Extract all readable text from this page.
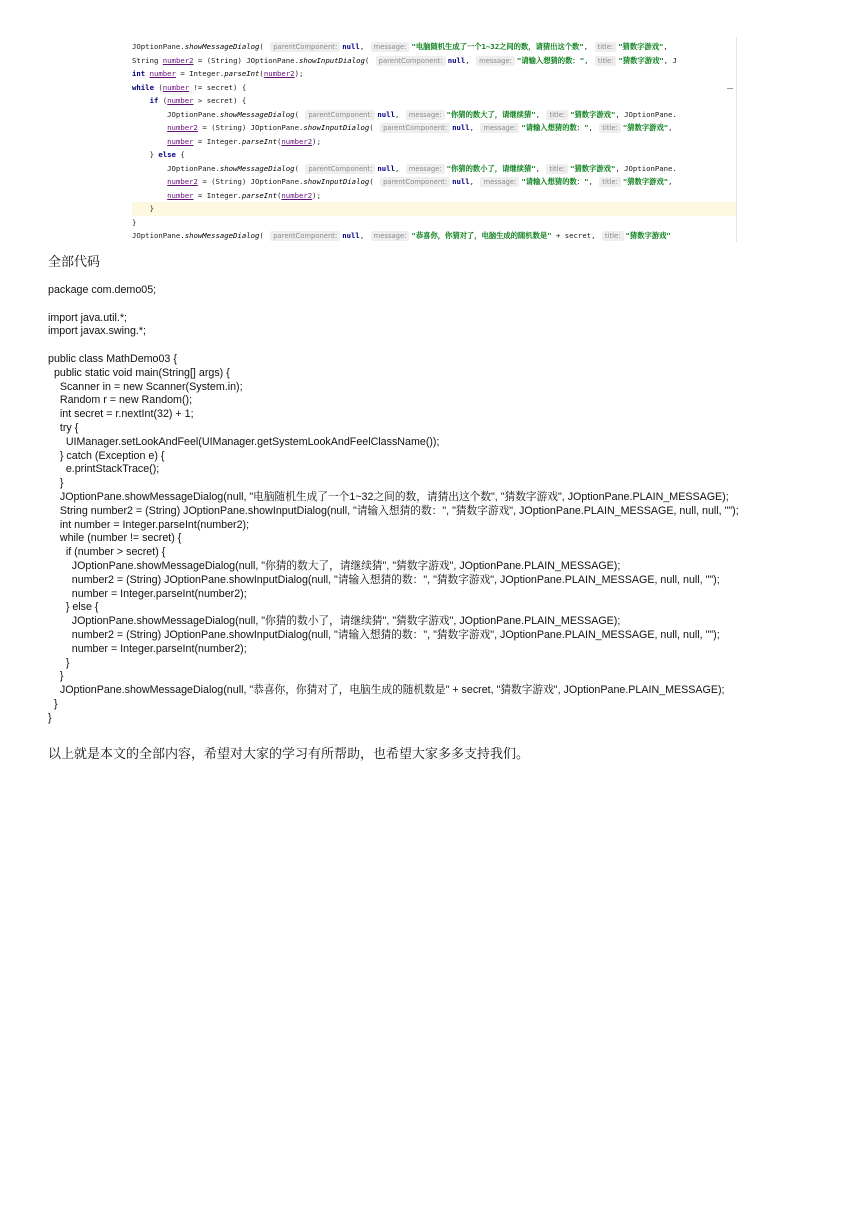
JOptionPane.showMessageDialog( parentComponent: null, message: "电脑随机生成了一个1~32之间的数，请猜出这个数", title: "猜数字游戏",
String number2 = (String) JOptionPane.showInputDialog( parentComponent: null, message: "请输入想猜的数：", title: "猜数字游戏", J
int number = Integer.parseInt(number2);
while (number != secret) {
if (number > secret) {
JOptionPane.showMessageDialog( parentComponent: null, message: "你猜的数大了，请继续猜", title: "猜数字游戏", JOptionPane.
number2 = (String) JOptionPane.showInputDialog( parentComponent: null, message: "请输入想猜的数：", title: "猜数字游戏",
number = Integer.parseInt(number2);
} else {
JOptionPane.showMessageDialog( parentComponent: null, message: "你猜的数小了，请继续猜", title: "猜数字游戏", JOptionPane.
number2 = (String) JOptionPane.showInputDialog( parentComponent: null, message: "请输入想猜的数：", title: "猜数字游戏",
number = Integer.parseInt(number2);
}
}
JOptionPane.showMessageDialog( parentComponent: null, message: "恭喜你，你猜对了，电脑生成的随机数是" + secret, title: "猜数字游戏"
全部代码
package com.demo05;
import java.util.*;
import javax.swing.*;
public class MathDemo03 {
public static void main(String[] args) {
Scanner in = new Scanner(System.in);
Random r = new Random();
int secret = r.nextInt(32) + 1;
try {
UIManager.setLookAndFeel(UIManager.getSystemLookAndFeelClassName());
} catch (Exception e) {
e.printStackTrace();
}
JOptionPane.showMessageDialog(null, "电脑随机生成了一个1~32之间的数，请猜出这个数", "猜数字游戏", JOptionPane.PLAIN_MESSAGE);
String number2 = (String) JOptionPane.showInputDialog(null, "请输入想猜的数：", "猜数字游戏", JOptionPane.PLAIN_MESSAGE, null, null, "");
int number = Integer.parseInt(number2);
while (number != secret) {
if (number > secret) {
JOptionPane.showMessageDialog(null, "你猜的数大了，请继续猜", "猜数字游戏", JOptionPane.PLAIN_MESSAGE);
number2 = (String) JOptionPane.showInputDialog(null, "请输入想猜的数：", "猜数字游戏", JOptionPane.PLAIN_MESSAGE, null, null, "");
number = Integer.parseInt(number2);
} else {
JOptionPane.showMessageDialog(null, "你猜的数小了，请继续猜", "猜数字游戏", JOptionPane.PLAIN_MESSAGE);
number2 = (String) JOptionPane.showInputDialog(null, "请输入想猜的数：", "猜数字游戏", JOptionPane.PLAIN_MESSAGE, null, null, "");
number = Integer.parseInt(number2);
}
}
JOptionPane.showMessageDialog(null, "恭喜你，你猜对了，电脑生成的随机数是" + secret, "猜数字游戏", JOptionPane.PLAIN_MESSAGE);
}
}
以上就是本文的全部内容，希望对大家的学习有所帮助，也希望大家多多支持我们。
